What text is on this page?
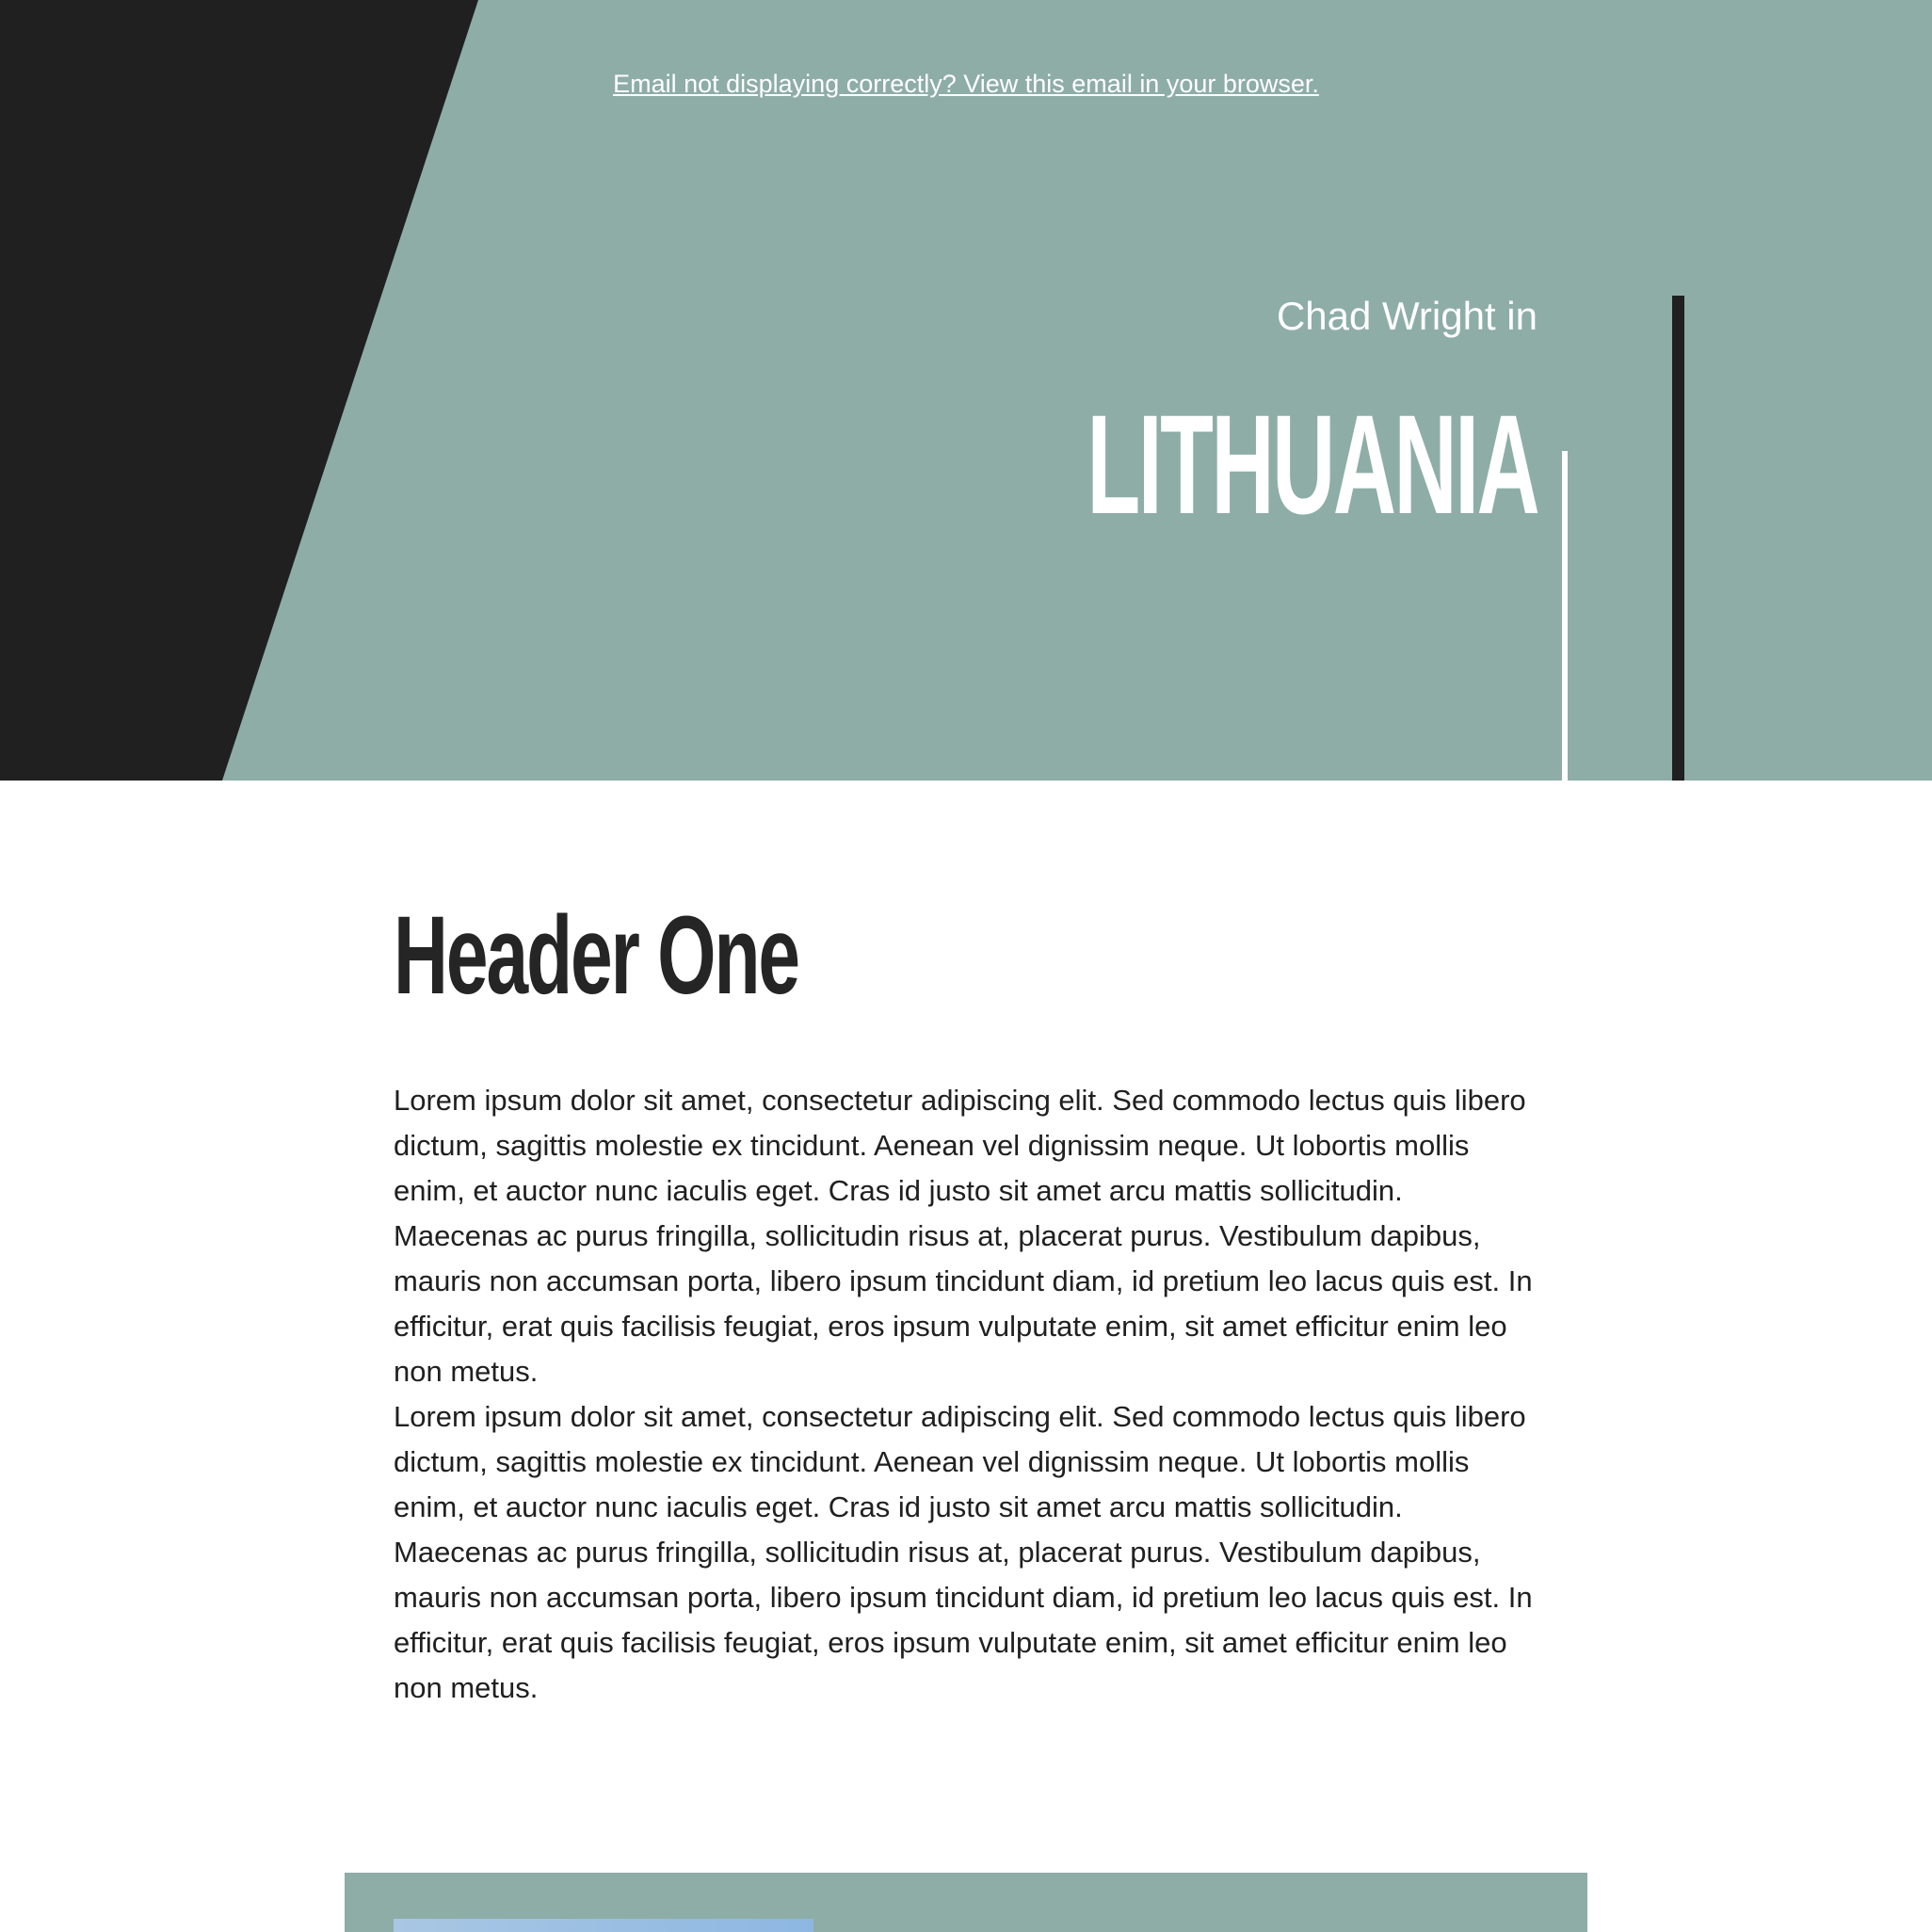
Email not displaying correctly? View this email in your browser.
Chad Wright in
LITHUANIA
Header One

Lorem ipsum dolor sit amet, consectetur adipiscing elit. Sed commodo lectus quis libero dictum, sagittis molestie ex tincidunt. Aenean vel dignissim neque. Ut lobortis mollis enim, et auctor nunc iaculis eget. Cras id justo sit amet arcu mattis sollicitudin. Maecenas ac purus fringilla, sollicitudin risus at, placerat purus. Vestibulum dapibus, mauris non accumsan porta, libero ipsum tincidunt diam, id pretium leo lacus quis est. In efficitur, erat quis facilisis feugiat, eros ipsum vulputate enim, sit amet efficitur enim leo non metus.

Lorem ipsum dolor sit amet, consectetur adipiscing elit. Sed commodo lectus quis libero dictum, sagittis molestie ex tincidunt. Aenean vel dignissim neque. Ut lobortis mollis enim, et auctor nunc iaculis eget. Cras id justo sit amet arcu mattis sollicitudin. Maecenas ac purus fringilla, sollicitudin risus at, placerat purus. Vestibulum dapibus, mauris non accumsan porta, libero ipsum tincidunt diam, id pretium leo lacus quis est. In efficitur, erat quis facilisis feugiat, eros ipsum vulputate enim, sit amet efficitur enim leo non metus.
